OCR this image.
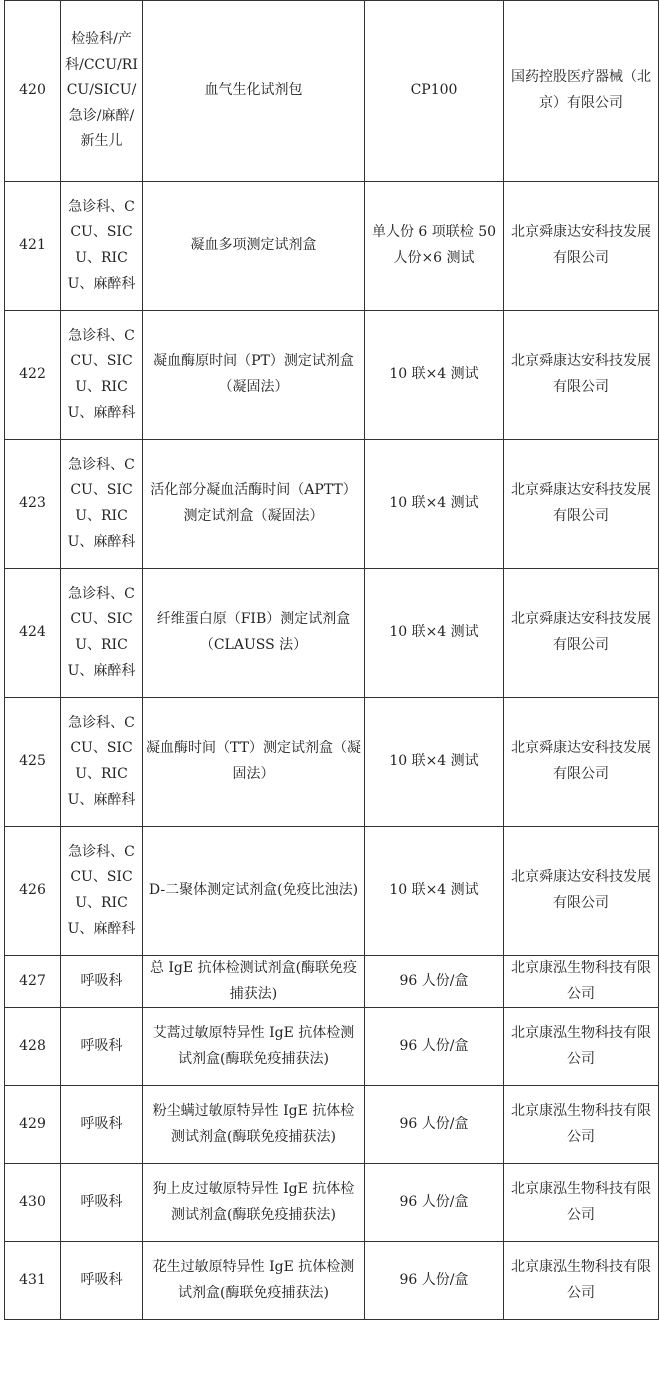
420	检验科/产科/CCU/RICU/SICU/急诊/麻醉/新生儿	血气生化试剂包	CP100	国药控股医疗器械（北京）有限公司
421	急诊科、CCU、SICU、RICU、麻醉科	凝血多项测定试剂盒	单人份 6 项联检 50 人份×6 测试	北京舜康达安科技发展有限公司
422	急诊科、CCU、SICU、RICU、麻醉科	凝血酶原时间（PT）测定试剂盒（凝固法）	10 联×4 测试	北京舜康达安科技发展有限公司
423	急诊科、CCU、SICU、RICU、麻醉科	活化部分凝血活酶时间（APTT）测定试剂盒（凝固法）	10 联×4 测试	北京舜康达安科技发展有限公司
424	急诊科、CCU、SICU、RICU、麻醉科	纤维蛋白原（FIB）测定试剂盒（CLAUSS 法）	10 联×4 测试	北京舜康达安科技发展有限公司
425	急诊科、CCU、SICU、RICU、麻醉科	凝血酶时间（TT）测定试剂盒（凝固法）	10 联×4 测试	北京舜康达安科技发展有限公司
426	急诊科、CCU、SICU、RICU、麻醉科	D-二聚体测定试剂盒(免疫比浊法)	10 联×4 测试	北京舜康达安科技发展有限公司
427	呼吸科	总 IgE 抗体检测试剂盒(酶联免疫捕获法)	96 人份/盒	北京康泓生物科技有限公司
428	呼吸科	艾蒿过敏原特异性 IgE 抗体检测试剂盒(酶联免疫捕获法)	96 人份/盒	北京康泓生物科技有限公司
429	呼吸科	粉尘螨过敏原特异性 IgE 抗体检测试剂盒(酶联免疫捕获法)	96 人份/盒	北京康泓生物科技有限公司
430	呼吸科	狗上皮过敏原特异性 IgE 抗体检测试剂盒(酶联免疫捕获法)	96 人份/盒	北京康泓生物科技有限公司
431	呼吸科	花生过敏原特异性 IgE 抗体检测试剂盒(酶联免疫捕获法)	96 人份/盒	北京康泓生物科技有限公司
